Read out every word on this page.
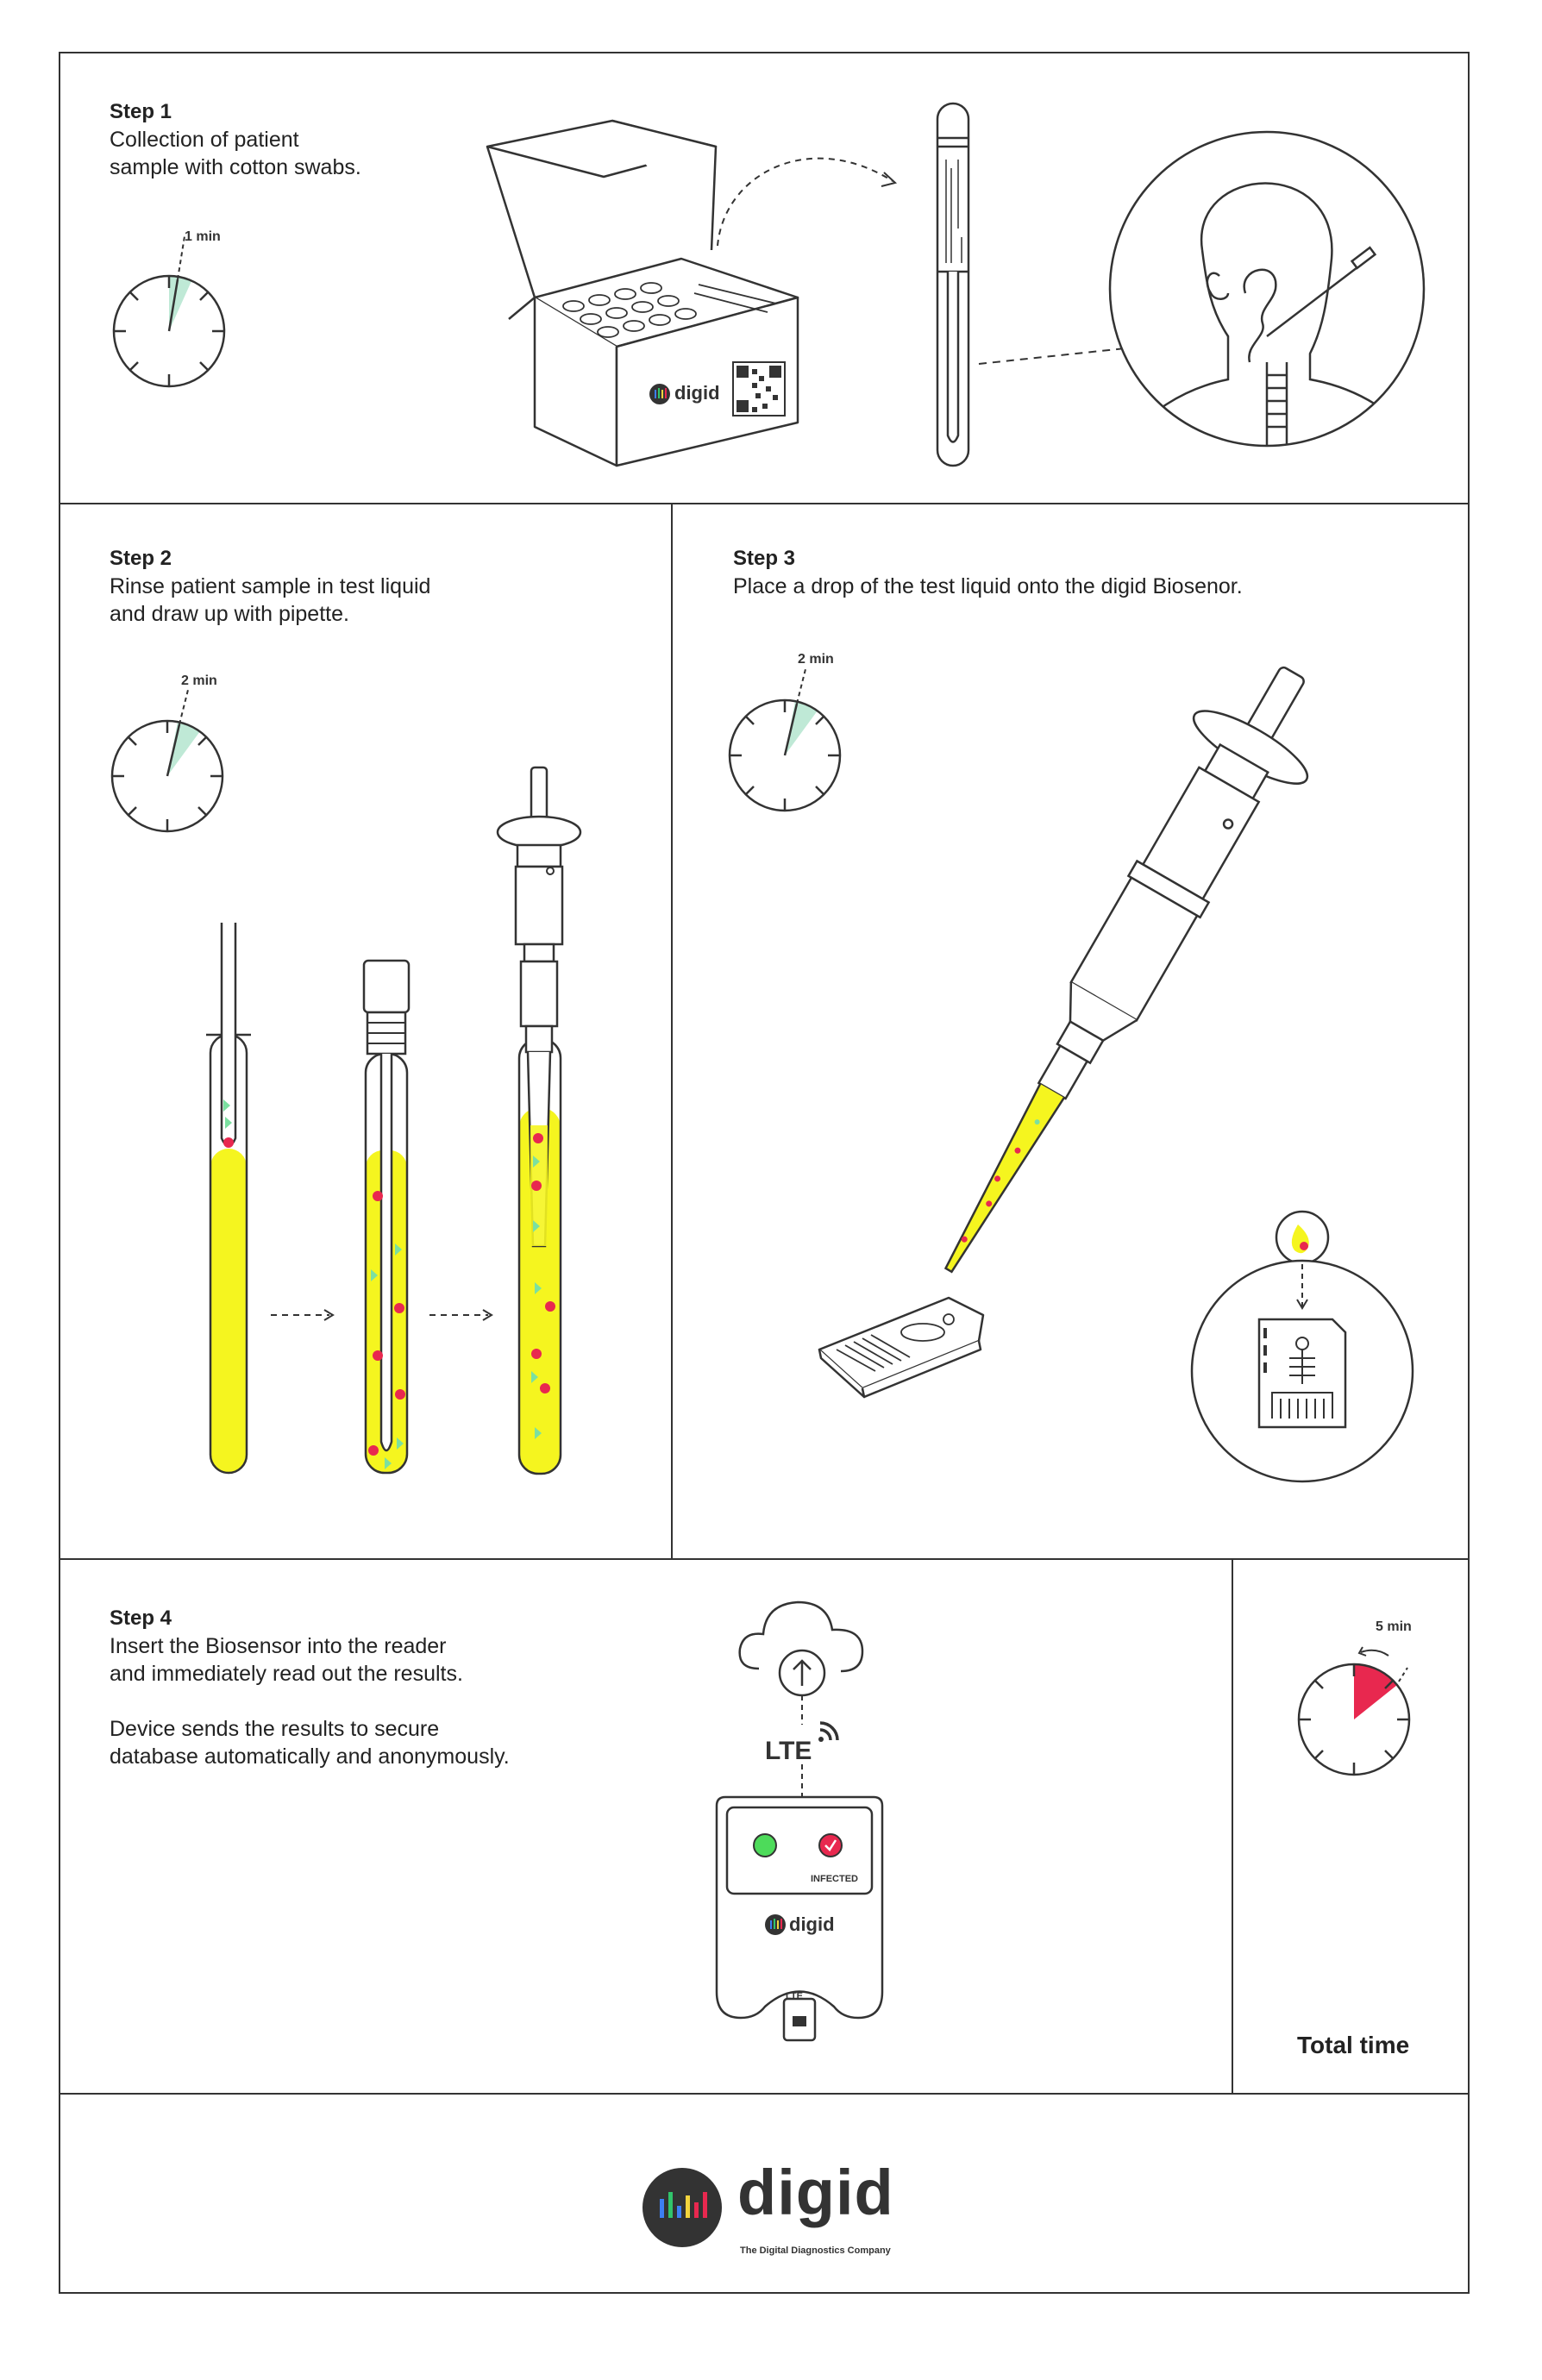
Step 1
Collection of patient
sample with cotton swabs.
1 min
digid
Step 2
Rinse patient sample in test liquid
and draw up with pipette.
2 min
Step 3
Place a drop of the test liquid onto the digid Biosenor.
2 min
Step 4
Insert the Biosensor into the reader
and immediately read out the results.

Device sends the results to secure
database automatically and anonymously.	LTE
INFECTED
digid
LTE
5 min
Total time
digid
The Digital Diagnostics Company
